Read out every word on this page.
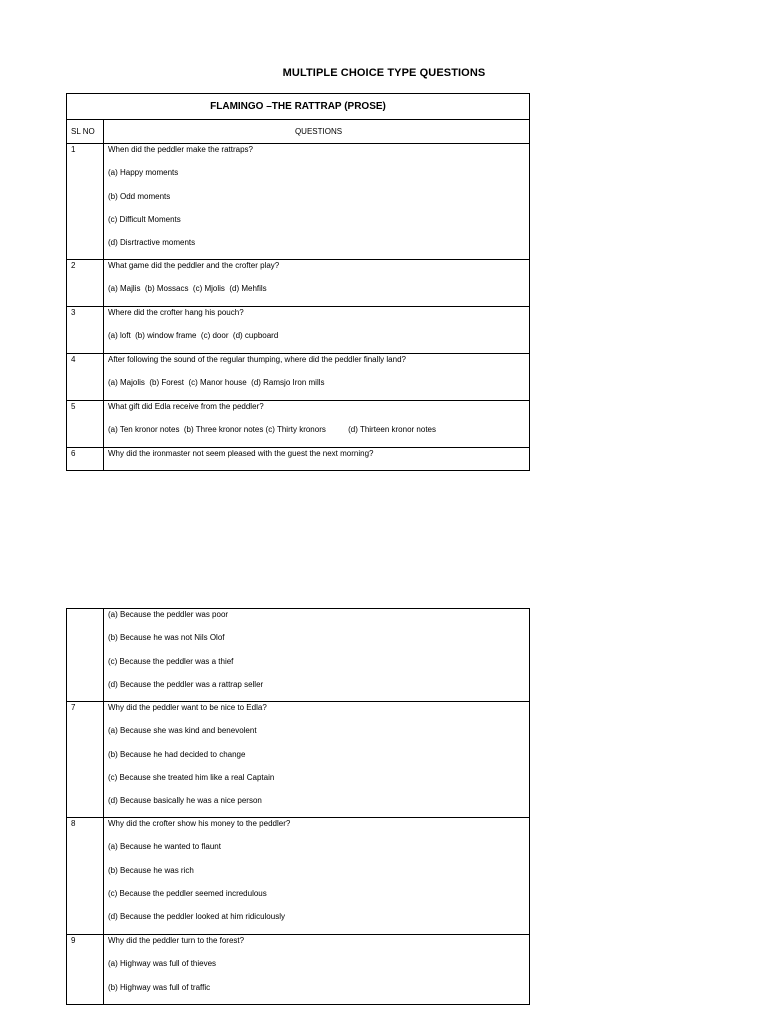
MULTIPLE CHOICE TYPE QUESTIONS
FLAMINGO –THE RATTRAP (PROSE)	
SL NO	QUESTIONS

1	When did the peddler make the rattraps?
(a) Happy moments
(b) Odd moments
(c) Difficult Moments
(d) Disrtractive moments

2	What game did the peddler and the crofter play?
(a) Majlis  (b) Mossacs  (c) Mjolis  (d) Mehfils

3	Where did the crofter hang his pouch?
(a) loft  (b) window frame  (c) door  (d) cupboard

4	After following the sound of the regular thumping, where did the peddler finally land?
(a) Majolis  (b) Forest  (c) Manor house  (d) Ramsjo Iron mills

5	What gift did Edla receive from the peddler?
(a) Ten kronor notes  (b) Three kronor notes (c) Thirty kronors          (d) Thirteen kronor notes

6	Why did the ironmaster not seem pleased with the guest the next morning?

	(a) Because the peddler was poor
(b) Because he was not Nils Olof
(c) Because the peddler was a thief
(d) Because the peddler was a rattrap seller

7	Why did the peddler want to be nice to Edla?
(a) Because she was kind and benevolent
(b) Because he had decided to change
(c) Because she treated him like a real Captain
(d) Because basically he was a nice person

8	Why did the crofter show his money to the peddler?
(a) Because he wanted to flaunt
(b) Because he was rich
(c) Because the peddler seemed incredulous
(d) Because the peddler looked at him ridiculously

9	Why did the peddler turn to the forest?
(a) Highway was full of thieves
(b) Highway was full of traffic
